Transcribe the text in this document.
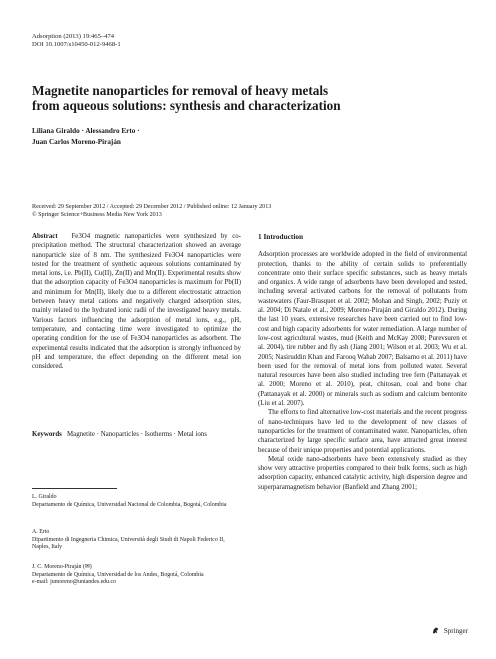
Adsorption (2013) 19:465–474
DOI 10.1007/s10450-012-9468-1
Magnetite nanoparticles for removal of heavy metals
from aqueous solutions: synthesis and characterization
Liliana Giraldo · Alessandro Erto ·
Juan Carlos Moreno-Piraján
Received: 29 September 2012 / Accepted: 29 December 2012 / Published online: 12 January 2013
© Springer Science+Business Media New York 2013
Abstract Fe3O4 magnetic nanoparticles were synthesized by co-precipitation method. The structural characterization showed an average nanoparticle size of 8 nm. The synthesized Fe3O4 nanoparticles were tested for the treatment of synthetic aqueous solutions contaminated by metal ions, i.e. Pb(II), Cu(II), Zn(II) and Mn(II). Experimental results show that the adsorption capacity of Fe3O4 nanoparticles is maximum for Pb(II) and minimum for Mn(II), likely due to a different electrostatic attraction between heavy metal cations and negatively charged adsorption sites, mainly related to the hydrated ionic radii of the investigated heavy metals. Various factors influencing the adsorption of metal ions, e.g., pH, temperature, and contacting time were investigated to optimize the operating condition for the use of Fe3O4 nanoparticles as adsorbent. The experimental results indicated that the adsorption is strongly influenced by pH and temperature, the effect depending on the different metal ion considered.
Keywords Magnetite · Nanoparticles · Isotherms · Metal ions
L. Giraldo
Departamento de Química, Universidad Nacional de Colombia, Bogotá, Colombia
A. Erto
Dipartimento di Ingegneria Chimica, Università degli Studi di Napoli Federico II, Naples, Italy
J. C. Moreno-Piraján (✉)
Departamento de Química, Universidad de los Andes, Bogotá, Colombia
e-mail: jumoreno@uniandes.edu.co
1 Introduction

Adsorption processes are worldwide adopted in the field of environmental protection, thanks to the ability of certain solids to preferentially concentrate onto their surface specific substances, such as heavy metals and organics. A wide range of adsorbents have been developed and tested, including several activated carbons for the removal of pollutants from wastewaters (Faur-Brasquet et al. 2002; Mohan and Singh, 2002; Puziy et al. 2004; Di Natale et al., 2009; Moreno-Piraján and Giraldo 2012). During the last 10 years, extensive researches have been carried out to find low-cost and high capacity adsorbents for water remediation. A large number of low-cost agricultural wastes, mud (Keith and McKay 2008; Purevsuren et al. 2004), tire rubber and fly ash (Jiang 2001; Wilson et al. 2003; Wu et al. 2005; Nasiruddin Khan and Farooq Wahab 2007; Balsamo et al. 2011) have been used for the removal of metal ions from polluted water. Several natural resources have been also studied including tree fern (Pattanayak et al. 2000; Moreno et al. 2010), peat, chitosan, coal and bone char (Pattanayak et al. 2000) or minerals such as sodium and calcium bentonite (Liu et al. 2007).

The efforts to find alternative low-cost materials and the recent progress of nano-techniques have led to the development of new classes of nanoparticles for the treatment of contaminated water. Nanoparticles, often characterized by large specific surface area, have attracted great interest because of their unique properties and potential applications.

Metal oxide nano-adsorbents have been extensively studied as they show very attractive properties compared to their bulk forms, such as high adsorption capacity, enhanced catalytic activity, high dispersion degree and superparamagnetism behavior (Banfield and Zhang 2001;

Springer
